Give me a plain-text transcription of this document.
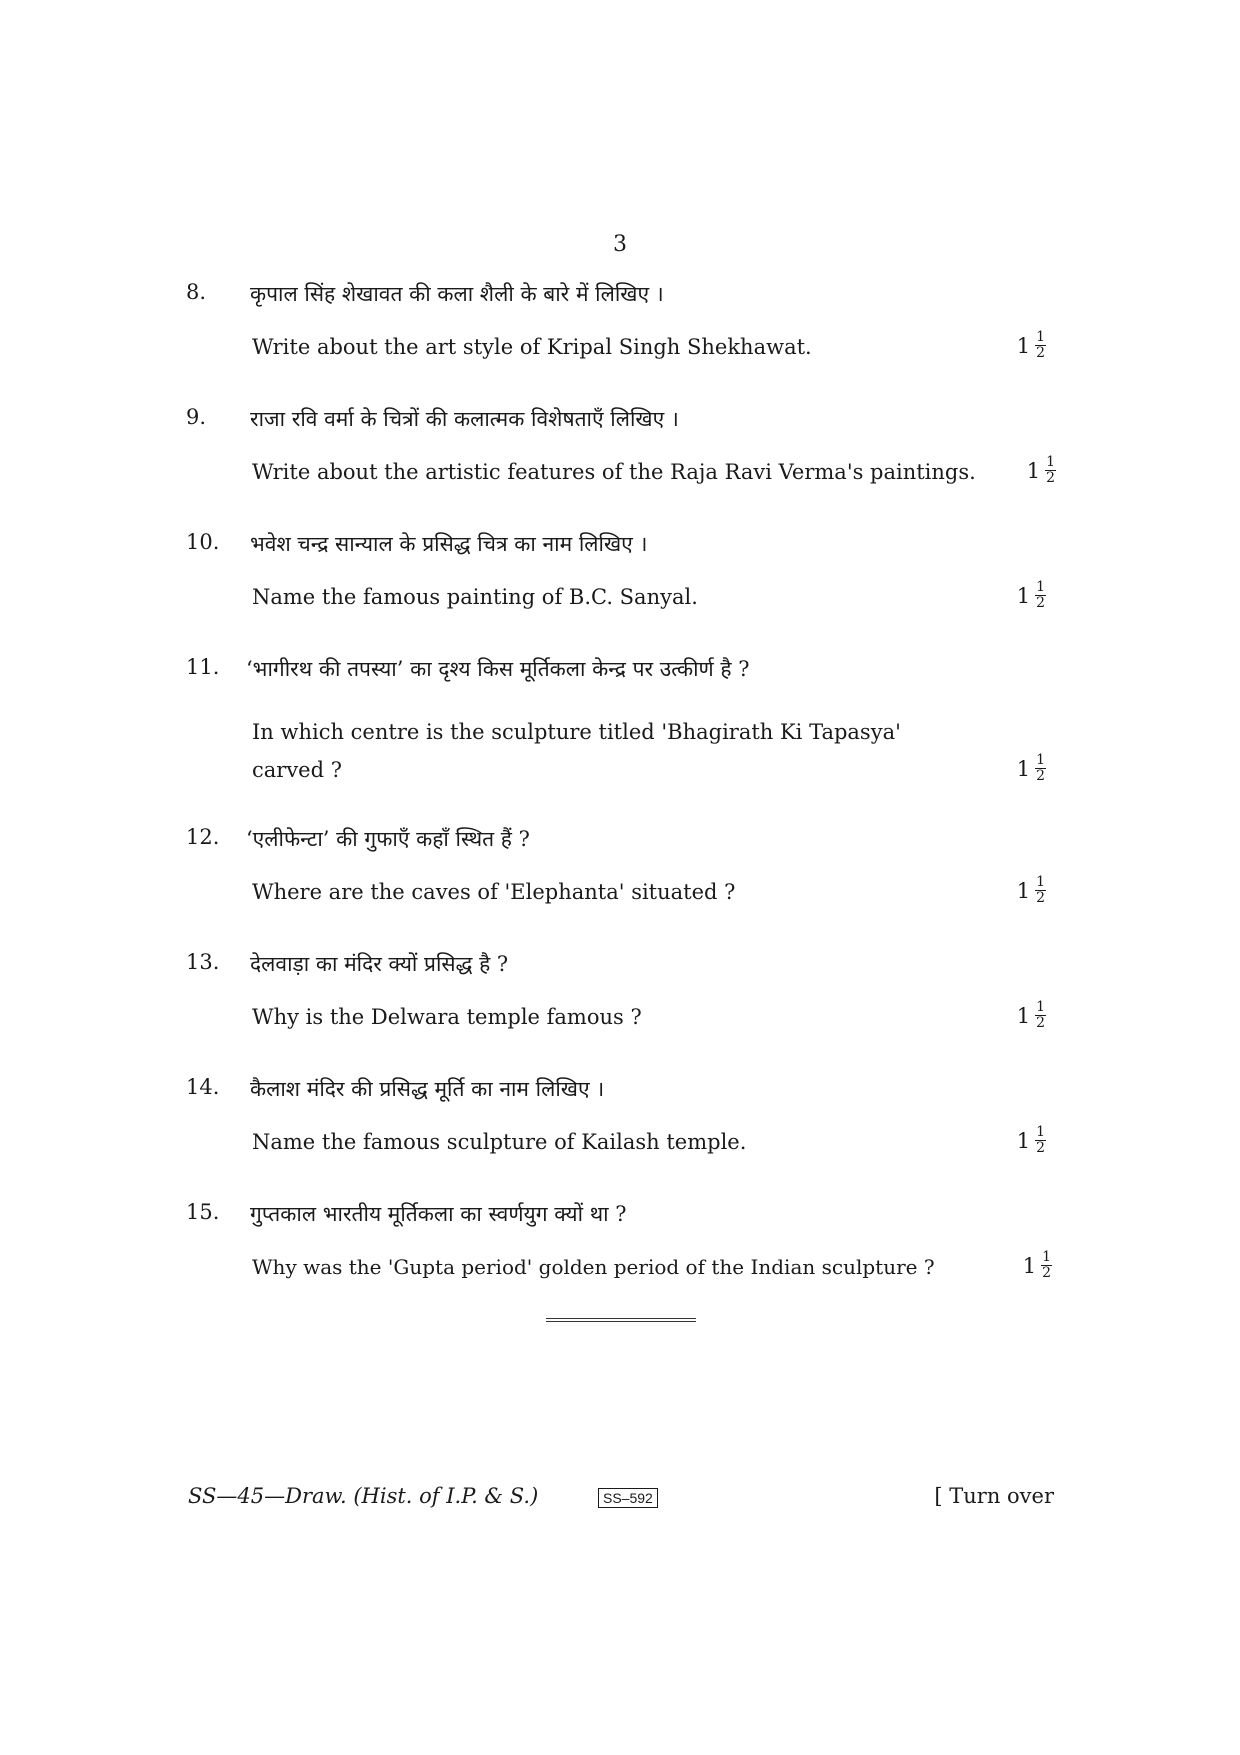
3
8. कृपाल सिंह शेखावत की कला शैली के बारे में लिखिए ।
Write about the art style of Kripal Singh Shekhawat.	$1 \frac{1}{2}$
9. राजा रवि वर्मा के चित्रों की कलात्मक विशेषताएँ लिखिए ।
Write about the artistic features of the Raja Ravi Verma's paintings. $1 \frac{1}{2}$
10. भवेश चन्द्र सान्याल के प्रसिद्ध चित्र का नाम लिखिए ।
Name the famous painting of B.C. Sanyal.	$1 \frac{1}{2}$
11. ‘भागीरथ की तपस्या’ का दृश्य किस मूर्तिकला केन्द्र पर उत्कीर्ण है ?
In which centre is the sculpture titled 'Bhagirath Ki Tapasya'
carved ?	$1 \frac{1}{2}$
12. ‘एलीफेन्टा’ की गुफाएँ कहाँ स्थित हैं ?
Where are the caves of 'Elephanta' situated ?	$1 \frac{1}{2}$
13. देलवाड़ा का मंदिर क्यों प्रसिद्ध है ?
Why is the Delwara temple famous ?	$1 \frac{1}{2}$
14. कैलाश मंदिर की प्रसिद्ध मूर्ति का नाम लिखिए ।
Name the famous sculpture of Kailash temple.	$1 \frac{1}{2}$
15. गुप्तकाल भारतीय मूर्तिकला का स्वर्णयुग क्यों था ?
Why was the 'Gupta period' golden period of the Indian sculpture ?	$1 \frac{1}{2}$
SS—45—Draw. (Hist. of I.P. & S.)	SS–592	[ Turn over
